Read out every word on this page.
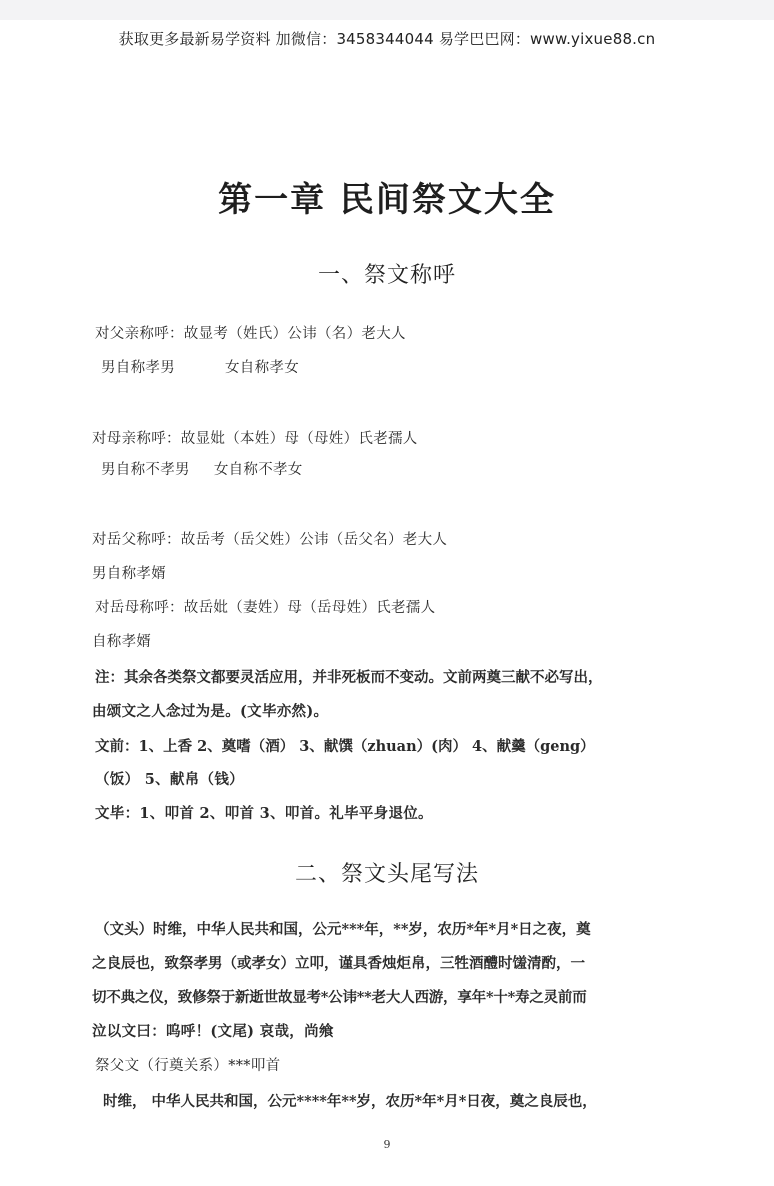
获取更多最新易学资料 加微信：3458344044 易学巴巴网：www.yixue88.cn
第一章 民间祭文大全
一、祭文称呼
对父亲称呼：故显考（姓氏）公讳（名）老大人
男自称孝男	女自称孝女
对母亲称呼：故显妣（本姓）母（母姓）氏老孺人
男自称不孝男 女自称不孝女
对岳父称呼：故岳考（岳父姓）公讳（岳父名）老大人
男自称孝婿
对岳母称呼：故岳妣（妻姓）母（岳母姓）氏老孺人
自称孝婿
注：其余各类祭文都要灵活应用，并非死板而不变动。文前两奠三献不必写出，
由颂文之人念过为是。(文毕亦然)。
文前：1、上香 2、奠嗜（酒） 3、献馔（zhuan）(肉） 4、献羹（geng）
（饭） 5、献帛（钱）
文毕：1、叩首 2、叩首 3、叩首。礼毕平身退位。
二、祭文头尾写法
（文头）时维，中华人民共和国，公元***年，**岁，农历*年*月*日之夜，奠
之良辰也，致祭孝男（或孝女）立叩，谨具香烛炬帛，三牲酒醴时馐清酌，一
切不典之仪，致修祭于新逝世故显考*公讳**老大人西游，享年*十*寿之灵前而
泣以文曰：呜呼！(文尾) 哀哉，尚飨
祭父文（行奠关系）***叩首
时维， 中华人民共和国，公元****年**岁，农历*年*月*日夜，奠之良辰也，
9
